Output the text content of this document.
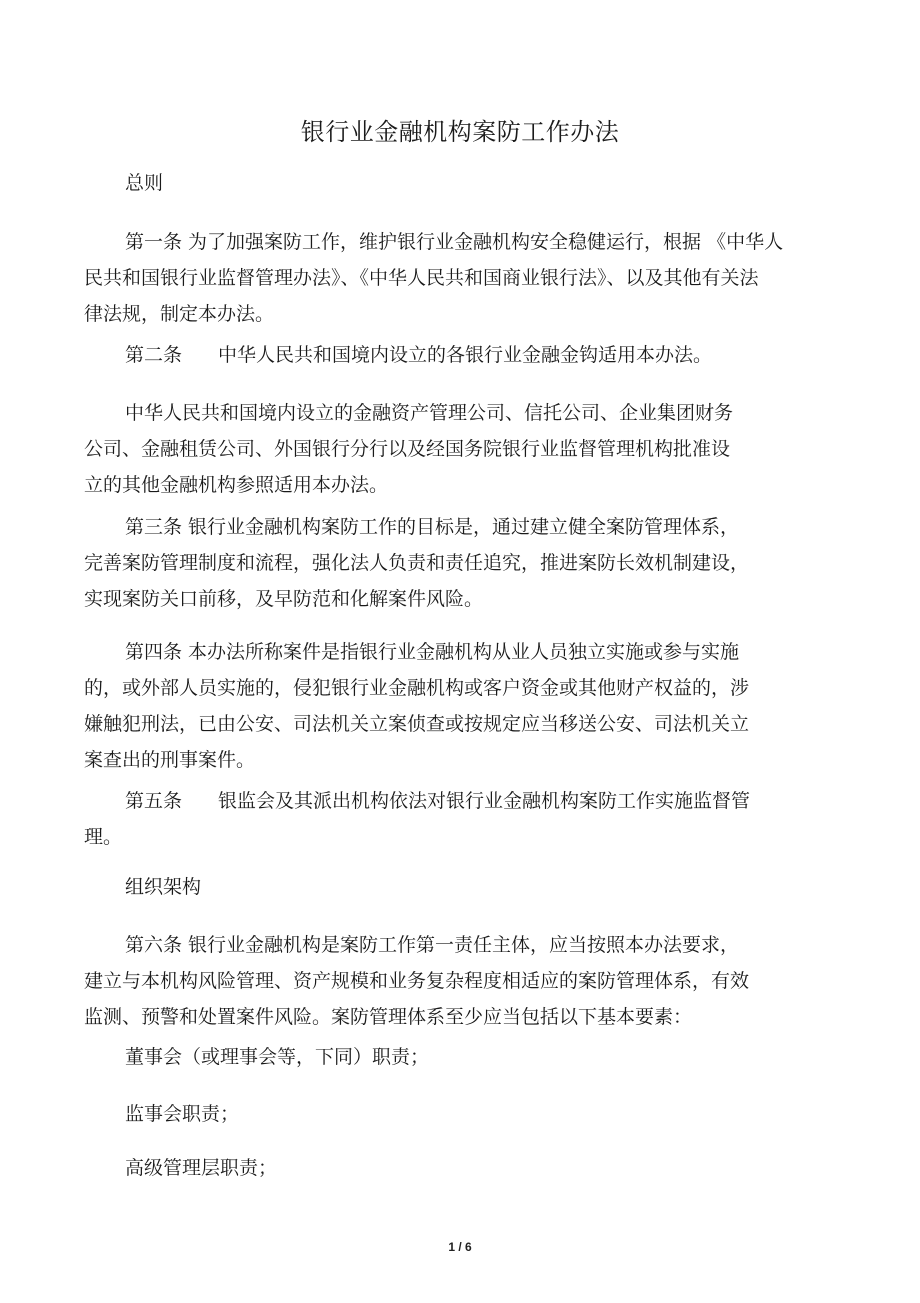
银行业金融机构案防工作办法
总则
第一条 为了加强案防工作，维护银行业金融机构安全稳健运行，根据 《中华人
民共和国银行业监督管理办法》、《中华人民共和国商业银行法》、以及其他有关法
律法规，制定本办法。
第二条 中华人民共和国境内设立的各银行业金融金钩适用本办法。
中华人民共和国境内设立的金融资产管理公司、信托公司、企业集团财务
公司、金融租赁公司、外国银行分行以及经国务院银行业监督管理机构批准设
立的其他金融机构参照适用本办法。
第三条 银行业金融机构案防工作的目标是，通过建立健全案防管理体系，
完善案防管理制度和流程，强化法人负责和责任追究，推进案防长效机制建设，
实现案防关口前移，及早防范和化解案件风险。
第四条 本办法所称案件是指银行业金融机构从业人员独立实施或参与实施
的，或外部人员实施的，侵犯银行业金融机构或客户资金或其他财产权益的，涉
嫌触犯刑法，已由公安、司法机关立案侦查或按规定应当移送公安、司法机关立
案查出的刑事案件。
第五条 银监会及其派出机构依法对银行业金融机构案防工作实施监督管
理。
组织架构
第六条 银行业金融机构是案防工作第一责任主体，应当按照本办法要求，
建立与本机构风险管理、资产规模和业务复杂程度相适应的案防管理体系，有效
监测、预警和处置案件风险。案防管理体系至少应当包括以下基本要素：
董事会（或理事会等，下同）职责；
监事会职责；
高级管理层职责；
1 / 6
